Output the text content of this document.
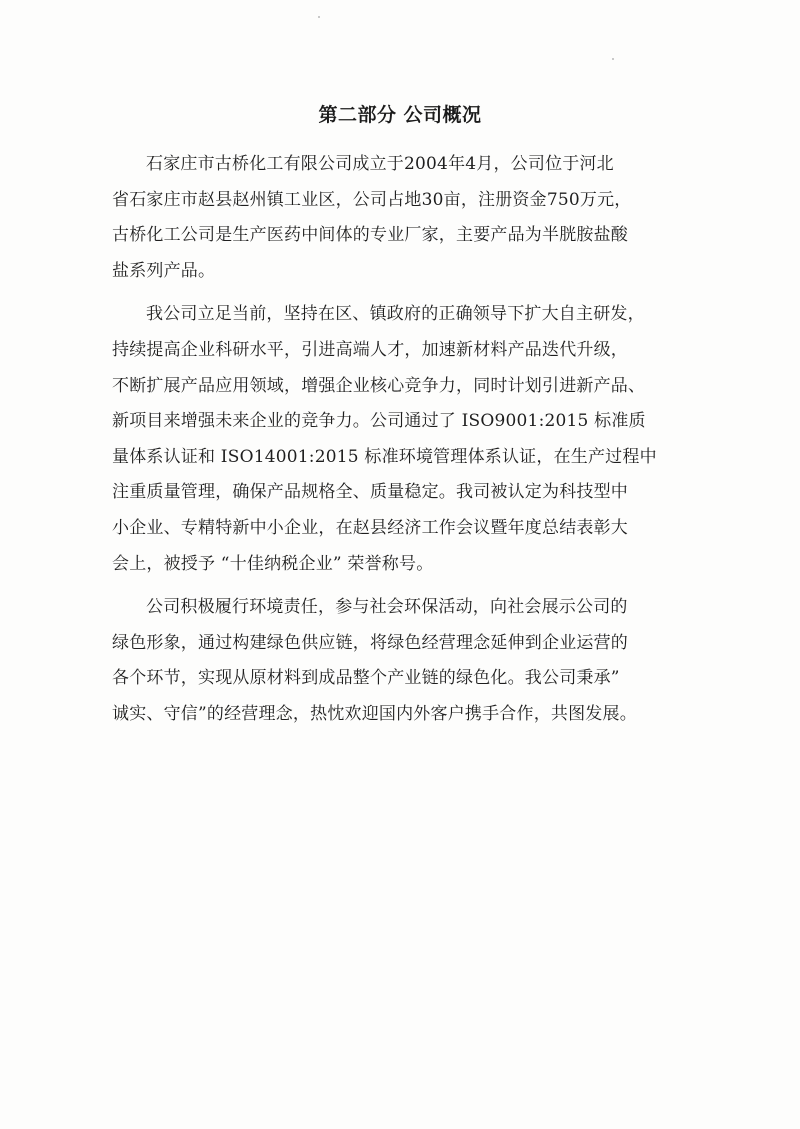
第二部分 公司概况

石家庄市古桥化工有限公司成立于2004年4月，公司位于河北
省石家庄市赵县赵州镇工业区，公司占地30亩，注册资金750万元，
古桥化工公司是生产医药中间体的专业厂家，主要产品为半胱胺盐酸
盐系列产品。

我公司立足当前，坚持在区、镇政府的正确领导下扩大自主研发，
持续提高企业科研水平，引进高端人才，加速新材料产品迭代升级，
不断扩展产品应用领域，增强企业核心竞争力，同时计划引进新产品、
新项目来增强未来企业的竞争力。公司通过了 ISO9001:2015 标准质
量体系认证和 ISO14001:2015 标准环境管理体系认证，在生产过程中
注重质量管理，确保产品规格全、质量稳定。我司被认定为科技型中
小企业、专精特新中小企业，在赵县经济工作会议暨年度总结表彰大
会上，被授予 “十佳纳税企业” 荣誉称号。

公司积极履行环境责任，参与社会环保活动，向社会展示公司的
绿色形象，通过构建绿色供应链，将绿色经营理念延伸到企业运营的
各个环节，实现从原材料到成品整个产业链的绿色化。我公司秉承”
诚实、守信”的经营理念，热忱欢迎国内外客户携手合作，共图发展。
